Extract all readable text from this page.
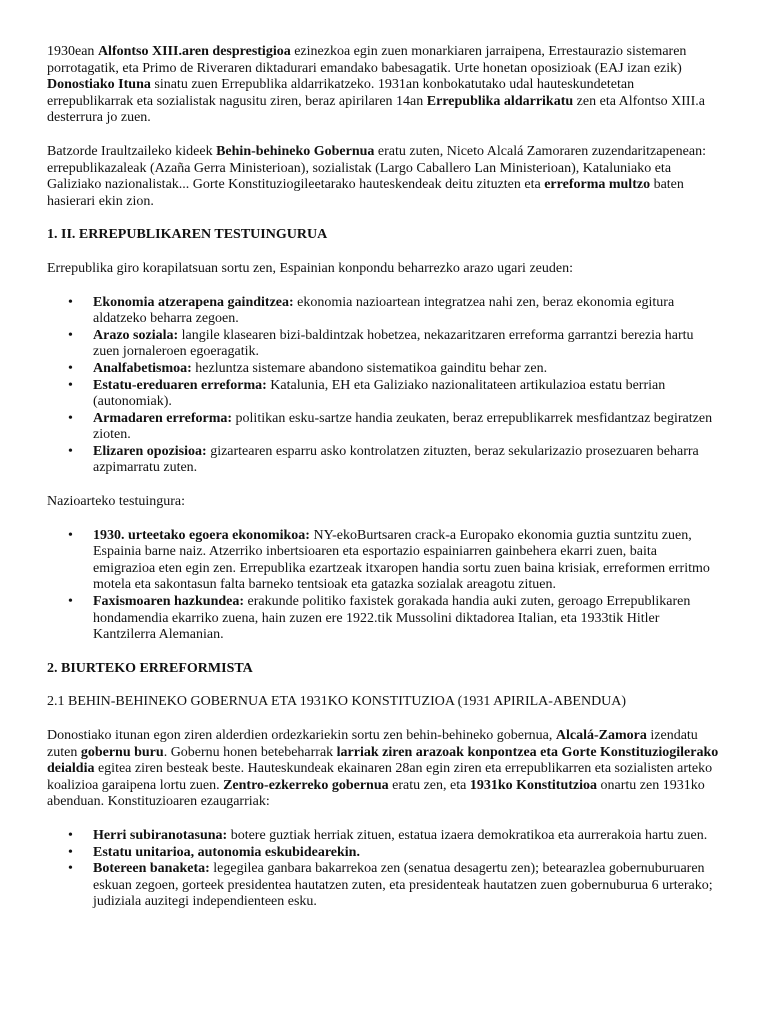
1930ean Alfontso XIII.aren desprestigioa ezinezkoa egin zuen monarkiaren jarraipena, Errestaurazio sistemaren porrotagatik, eta Primo de Riveraren diktadurari emandako babesagatik. Urte honetan oposizioak (EAJ izan ezik) Donostiako Ituna sinatu zuen Errepublika aldarrikatzeko. 1931an konbokatutako udal hauteskundetetan errepublikarrak eta sozialistak nagusitu ziren, beraz apirilaren 14an Errepublika aldarrikatu zen eta Alfontso XIII.a desterrura jo zuen.

Batzorde Iraultzaileko kideek Behin-behineko Gobernua eratu zuten, Niceto Alcalá Zamoraren zuzendaritzapenean: errepublikazaleak (Azaña Gerra Ministerioan), sozialistak (Largo Caballero Lan Ministerioan), Kataluniako eta Galiziako nazionalistak... Gorte Konstituziogileetarako hauteskendeak deitu zituzten eta erreforma multzo baten hasierari ekin zion.

1. II. ERREPUBLIKAREN TESTUINGURUA

Errepublika giro korapilatsuan sortu zen, Espainian konpondu beharrezko arazo ugari zeuden:

• Ekonomia atzerapena gainditzea: ekonomia nazioartean integratzea nahi zen, beraz ekonomia egitura aldatzeko beharra zegoen.
• Arazo soziala: langile klasearen bizi-baldintzak hobetzea, nekazaritzaren erreforma garrantzi berezia hartu zuen jornaleroen egoeragatik.
• Analfabetismoa: hezluntza sistemare abandono sistematikoa gainditu behar zen.
• Estatu-ereduaren erreforma: Katalunia, EH eta Galiziako nazionalitateen artikulazioa estatu berrian (autonomiak).
• Armadaren erreforma: politikan esku-sartze handia zeukaten, beraz errepublikarrek mesfidantzaz begiratzen zioten.
• Elizaren opozisioa: gizartearen esparru asko kontrolatzen zituzten, beraz sekularizazio prosezuaren beharra azpimarratu zuten.

Nazioarteko testuingura:

• 1930. urteetako egoera ekonomikoa: NY-ekoBurtsaren crack-a Europako ekonomia guztia suntzitu zuen, Espainia barne naiz. Atzerriko inbertsioaren eta esportazio espainiarren gainbehera ekarri zuen, baita emigrazioa eten egin zen. Errepublika ezartzeak itxaropen handia sortu zuen baina krisiak, erreformen erritmo motela eta sakontasun falta barneko tentsioak eta gatazka sozialak areagotu zituen.
• Faxismoaren hazkundea: erakunde politiko faxistek gorakada handia auki zuten, geroago Errepublikaren hondamendia ekarriko zuena, hain zuzen ere 1922.tik Mussolini diktadorea Italian, eta 1933tik Hitler Kantzilerra Alemanian.
2. BIURTEKO ERREFORMISTA

2.1 BEHIN-BEHINEKO GOBERNUA ETA 1931KO KONSTITUZIOA (1931 APIRILA-ABENDUA)

Donostiako itunan egon ziren alderdien ordezkariekin sortu zen behin-behineko gobernua, Alcalá-Zamora izendatu zuten gobernu buru. Gobernu honen betebeharrak larriak ziren arazoak konpontzea eta Gorte Konstituziogilerako deialdia egitea ziren besteak beste. Hauteskundeak ekainaren 28an egin ziren eta errepublikarren eta sozialisten arteko koalizioa garaipena lortu zuen. Zentro-ezkerreko gobernua eratu zen, eta 1931ko Konstitutzioa onartu zen 1931ko abenduan. Konstituzioaren ezaugarriak:

• Herri subiranotasuna: botere guztiak herriak zituen, estatua izaera demokratikoa eta aurrerakoia hartu zuen.
• Estatu unitarioa, autonomia eskubidearekin.
• Botereen banaketa: legegilea ganbara bakarrekoa zen (senatua desagertu zen); betearazlea gobernuburuaren eskuan zegoen, gorteek presidentea hautatzen zuten, eta presidenteak hautatzen zuen gobernuburua 6 urterako; judiziala auzitegi independienteen esku.
